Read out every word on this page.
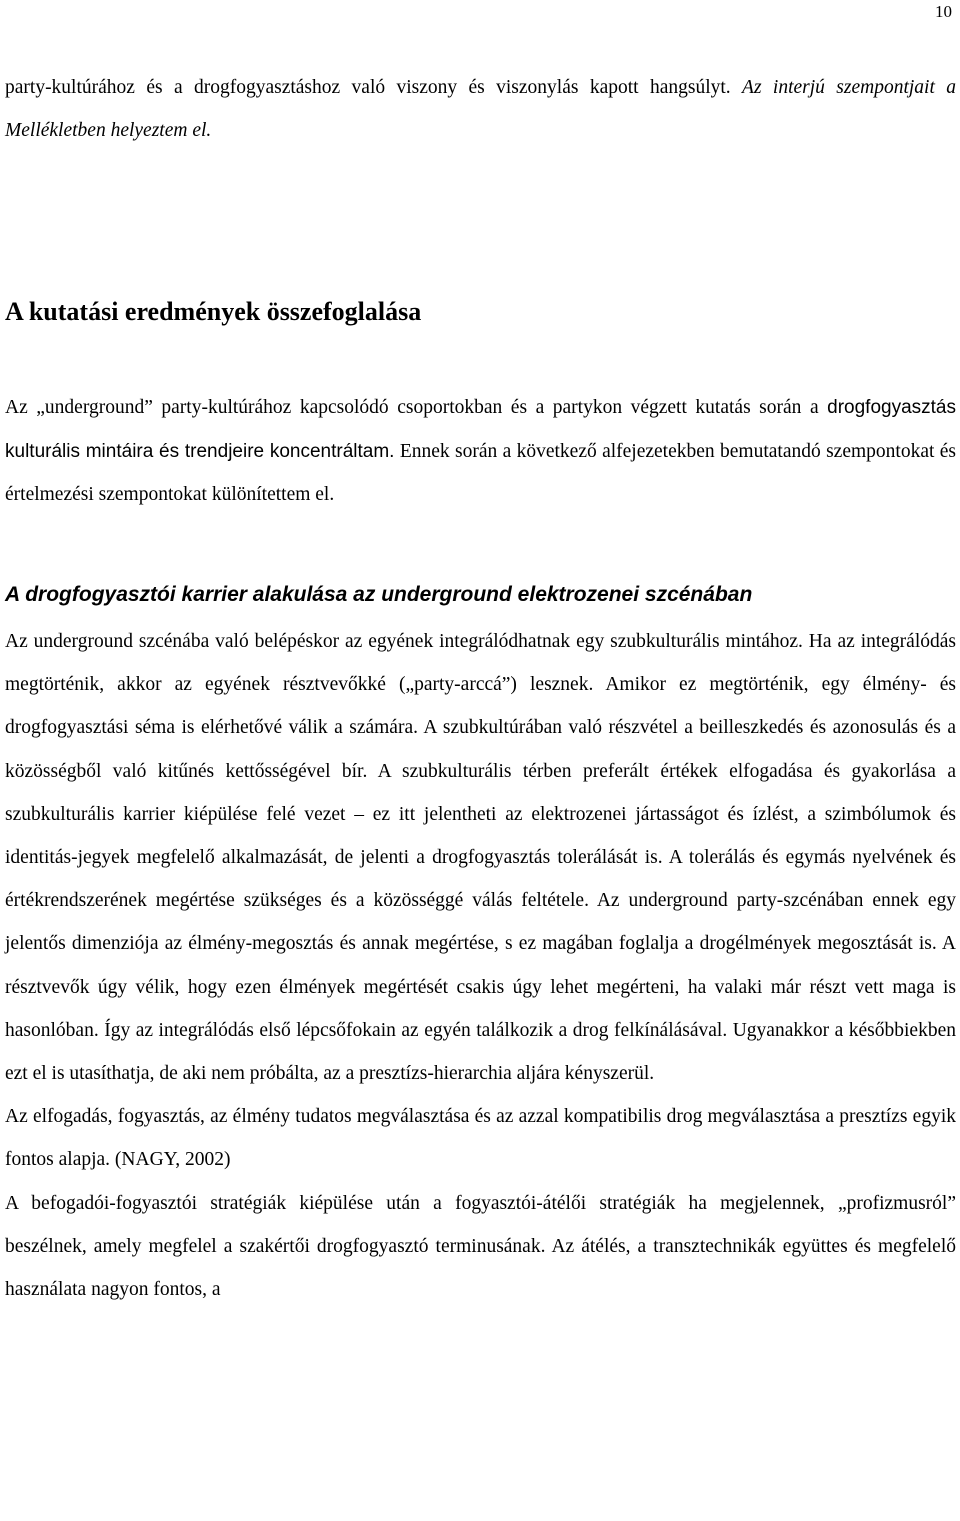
10

party-kultúrához és a drogfogyasztáshoz való viszony és viszonylás kapott hangsúlyt. Az interjú szempontjait a Mellékletben helyeztem el.

A kutatási eredmények összefoglalása

Az „underground” party-kultúrához kapcsolódó csoportokban és a partykon végzett kutatás során a drogfogyasztás kulturális mintáira és trendjeire koncentráltam. Ennek során a következő alfejezetekben bemutatandó szempontokat és értelmezési szempontokat különítettem el.

A drogfogyasztói karrier alakulása az underground elektrozenei szcénában

Az underground szcénába való belépéskor az egyének integrálódhatnak egy szubkulturális mintához. Ha az integrálódás megtörténik, akkor az egyének résztvevőkké („party-arccá”) lesznek. Amikor ez megtörténik, egy élmény- és drogfogyasztási séma is elérhetővé válik a számára. A szubkultúrában való részvétel a beilleszkedés és azonosulás és a közösségből való kitűnés kettősségével bír. A szubkulturális térben preferált értékek elfogadása és gyakorlása a szubkulturális karrier kiépülése felé vezet – ez itt jelentheti az elektrozenei jártasságot és ízlést, a szimbólumok és identitás-jegyek megfelelő alkalmazását, de jelenti a drogfogyasztás tolerálását is. A tolerálás és egymás nyelvének és értékrendszerének megértése szükséges és a közösséggé válás feltétele. Az underground party-szcénában ennek egy jelentős dimenziója az élmény-megosztás és annak megértése, s ez magában foglalja a drogélmények megosztását is. A résztvevők úgy vélik, hogy ezen élmények megértését csakis úgy lehet megérteni, ha valaki már részt vett maga is hasonlóban. Így az integrálódás első lépcsőfokain az egyén találkozik a drog felkínálásával. Ugyanakkor a későbbiekben ezt el is utasíthatja, de aki nem próbálta, az a presztízs-hierarchia aljára kényszerül.

Az elfogadás, fogyasztás, az élmény tudatos megválasztása és az azzal kompatibilis drog megválasztása a presztízs egyik fontos alapja. (NAGY, 2002)

A befogadói-fogyasztói stratégiák kiépülése után a fogyasztói-átélői stratégiák ha megjelennek, „profizmusról” beszélnek, amely megfelel a szakértői drogfogyasztó terminusának. Az átélés, a transztechnikák együttes és megfelelő használata nagyon fontos, a
